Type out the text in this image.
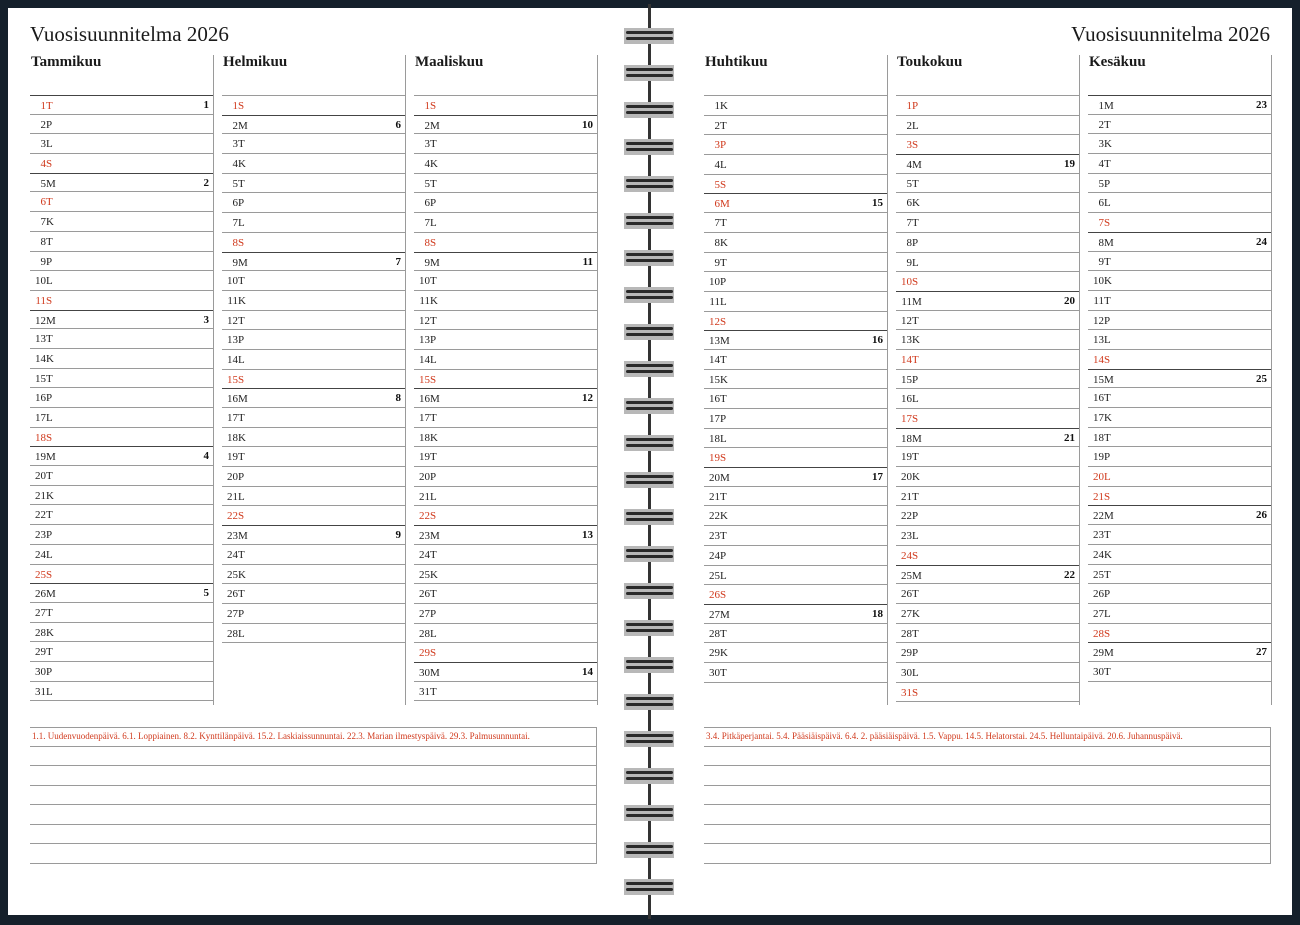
Vuosisuunnitelma 2026	Vuosisuunnitelma 2026
Tammikuu
1 T	1
2 P
3 L
4 S
5 M	2
6 T
7 K
8 T
9 P
10 L
11 S
12 M	3
13 T
14 K
15 T
16 P
17 L
18 S
19 M	4
20 T
21 K
22 T
23 P
24 L
25 S
26 M	5
27 T
28 K
29 T
30 P
31 L
Helmikuu
1 S
2 M	6
3 T
4 K
5 T
6 P
7 L
8 S
9 M	7
10 T
11 K
12 T
13 P
14 L
15 S
16 M	8
17 T
18 K
19 T
20 P
21 L
22 S
23 M	9
24 T
25 K
26 T
27 P
28 L
Maaliskuu
1 S
2 M	10
3 T
4 K
5 T
6 P
7 L
8 S
9 M	11
10 T
11 K
12 T
13 P
14 L
15 S
16 M	12
17 T
18 K
19 T
20 P
21 L
22 S
23 M	13
24 T
25 K
26 T
27 P
28 L
29 S
30 M	14
31 T
Huhtikuu
1 K
2 T
3 P
4 L
5 S
6 M	15
7 T
8 K
9 T
10 P
11 L
12 S
13 M	16
14 T
15 K
16 T
17 P
18 L
19 S
20 M	17
21 T
22 K
23 T
24 P
25 L
26 S
27 M	18
28 T
29 K
30 T
Toukokuu
1 P
2 L
3 S
4 M	19
5 T
6 K
7 T
8 P
9 L
10 S
11 M	20
12 T
13 K
14 T
15 P
16 L
17 S
18 M	21
19 T
20 K
21 T
22 P
23 L
24 S
25 M	22
26 T
27 K
28 T
29 P
30 L
31 S
Kesäkuu
1 M	23
2 T
3 K
4 T
5 P
6 L
7 S
8 M	24
9 T
10 K
11 T
12 P
13 L
14 S
15 M	25
16 T
17 K
18 T
19 P
20 L
21 S
22 M	26
23 T
24 K
25 T
26 P
27 L
28 S
29 M	27
30 T
1.1. Uudenvuodenpäivä. 6.1. Loppiainen. 8.2. Kynttilänpäivä. 15.2. Laskiaissunnuntai. 22.3. Marian ilmestyspäivä. 29.3. Palmusunnuntai.	3.4. Pitkäperjantai. 5.4. Pääsiäispäivä. 6.4. 2. pääsiäispäivä. 1.5. Vappu. 14.5. Helatorstai. 24.5. Helluntaipäivä. 20.6. Juhannuspäivä.
